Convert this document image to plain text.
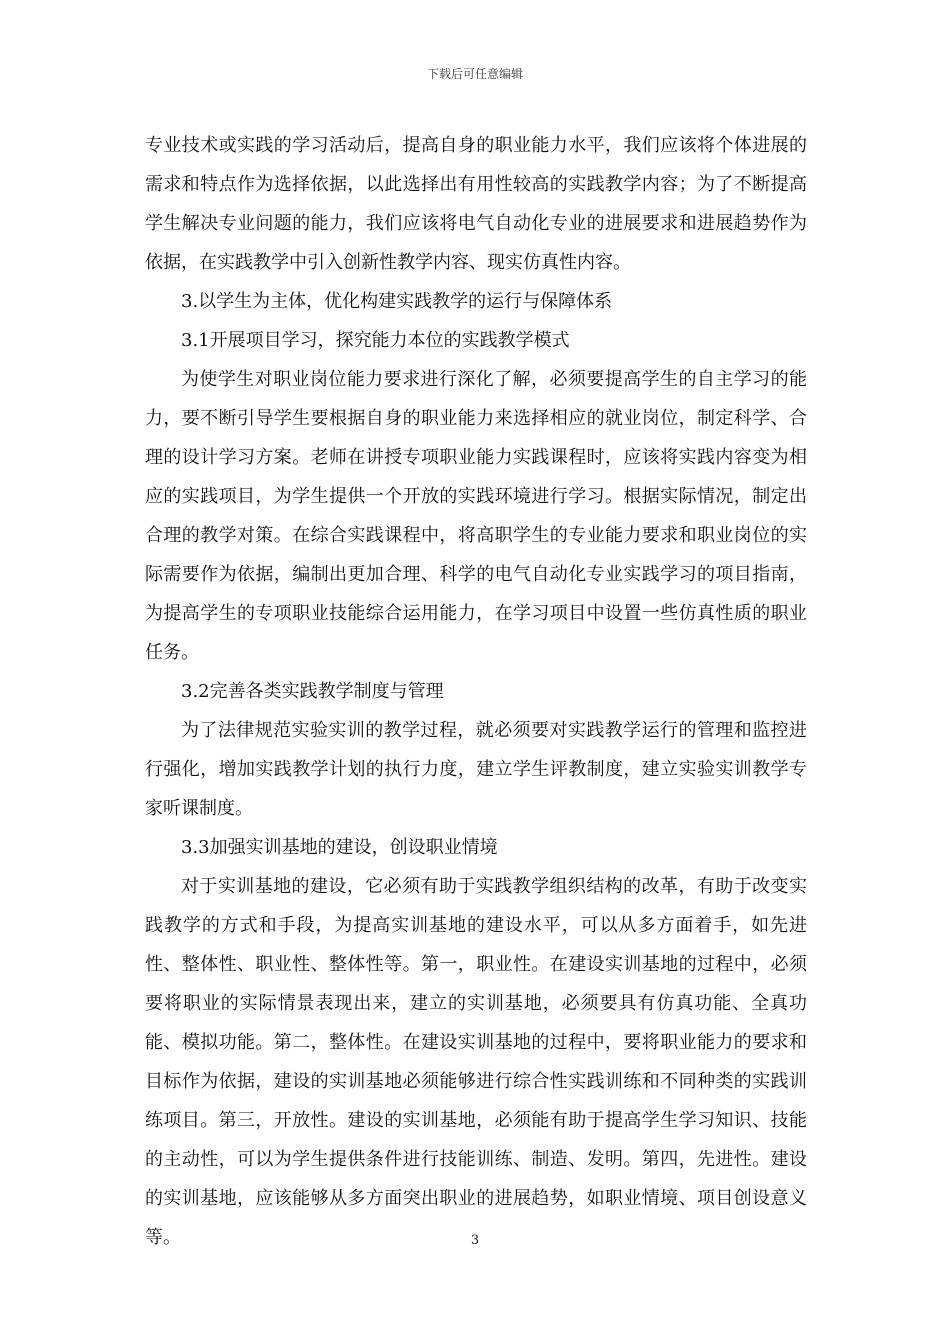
下载后可任意编辑

专业技术或实践的学习活动后，提高自身的职业能力水平，我们应该将个体进展的需求和特点作为选择依据，以此选择出有用性较高的实践教学内容；为了不断提高学生解决专业问题的能力，我们应该将电气自动化专业的进展要求和进展趋势作为依据，在实践教学中引入创新性教学内容、现实仿真性内容。

3.以学生为主体，优化构建实践教学的运行与保障体系

3.1开展项目学习，探究能力本位的实践教学模式

为使学生对职业岗位能力要求进行深化了解，必须要提高学生的自主学习的能力，要不断引导学生要根据自身的职业能力来选择相应的就业岗位，制定科学、合理的设计学习方案。老师在讲授专项职业能力实践课程时，应该将实践内容变为相应的实践项目，为学生提供一个开放的实践环境进行学习。根据实际情况，制定出合理的教学对策。在综合实践课程中，将高职学生的专业能力要求和职业岗位的实际需要作为依据，编制出更加合理、科学的电气自动化专业实践学习的项目指南，为提高学生的专项职业技能综合运用能力，在学习项目中设置一些仿真性质的职业任务。

3.2完善各类实践教学制度与管理

为了法律规范实验实训的教学过程，就必须要对实践教学运行的管理和监控进行强化，增加实践教学计划的执行力度，建立学生评教制度，建立实验实训教学专家听课制度。

3.3加强实训基地的建设，创设职业情境

对于实训基地的建设，它必须有助于实践教学组织结构的改革，有助于改变实践教学的方式和手段，为提高实训基地的建设水平，可以从多方面着手，如先进性、整体性、职业性、整体性等。第一，职业性。在建设实训基地的过程中，必须要将职业的实际情景表现出来，建立的实训基地，必须要具有仿真功能、全真功能、模拟功能。第二，整体性。在建设实训基地的过程中，要将职业能力的要求和目标作为依据，建设的实训基地必须能够进行综合性实践训练和不同种类的实践训练项目。第三，开放性。建设的实训基地，必须能有助于提高学生学习知识、技能的主动性，可以为学生提供条件进行技能训练、制造、发明。第四，先进性。建设的实训基地，应该能够从多方面突出职业的进展趋势，如职业情境、项目创设意义等。	3
